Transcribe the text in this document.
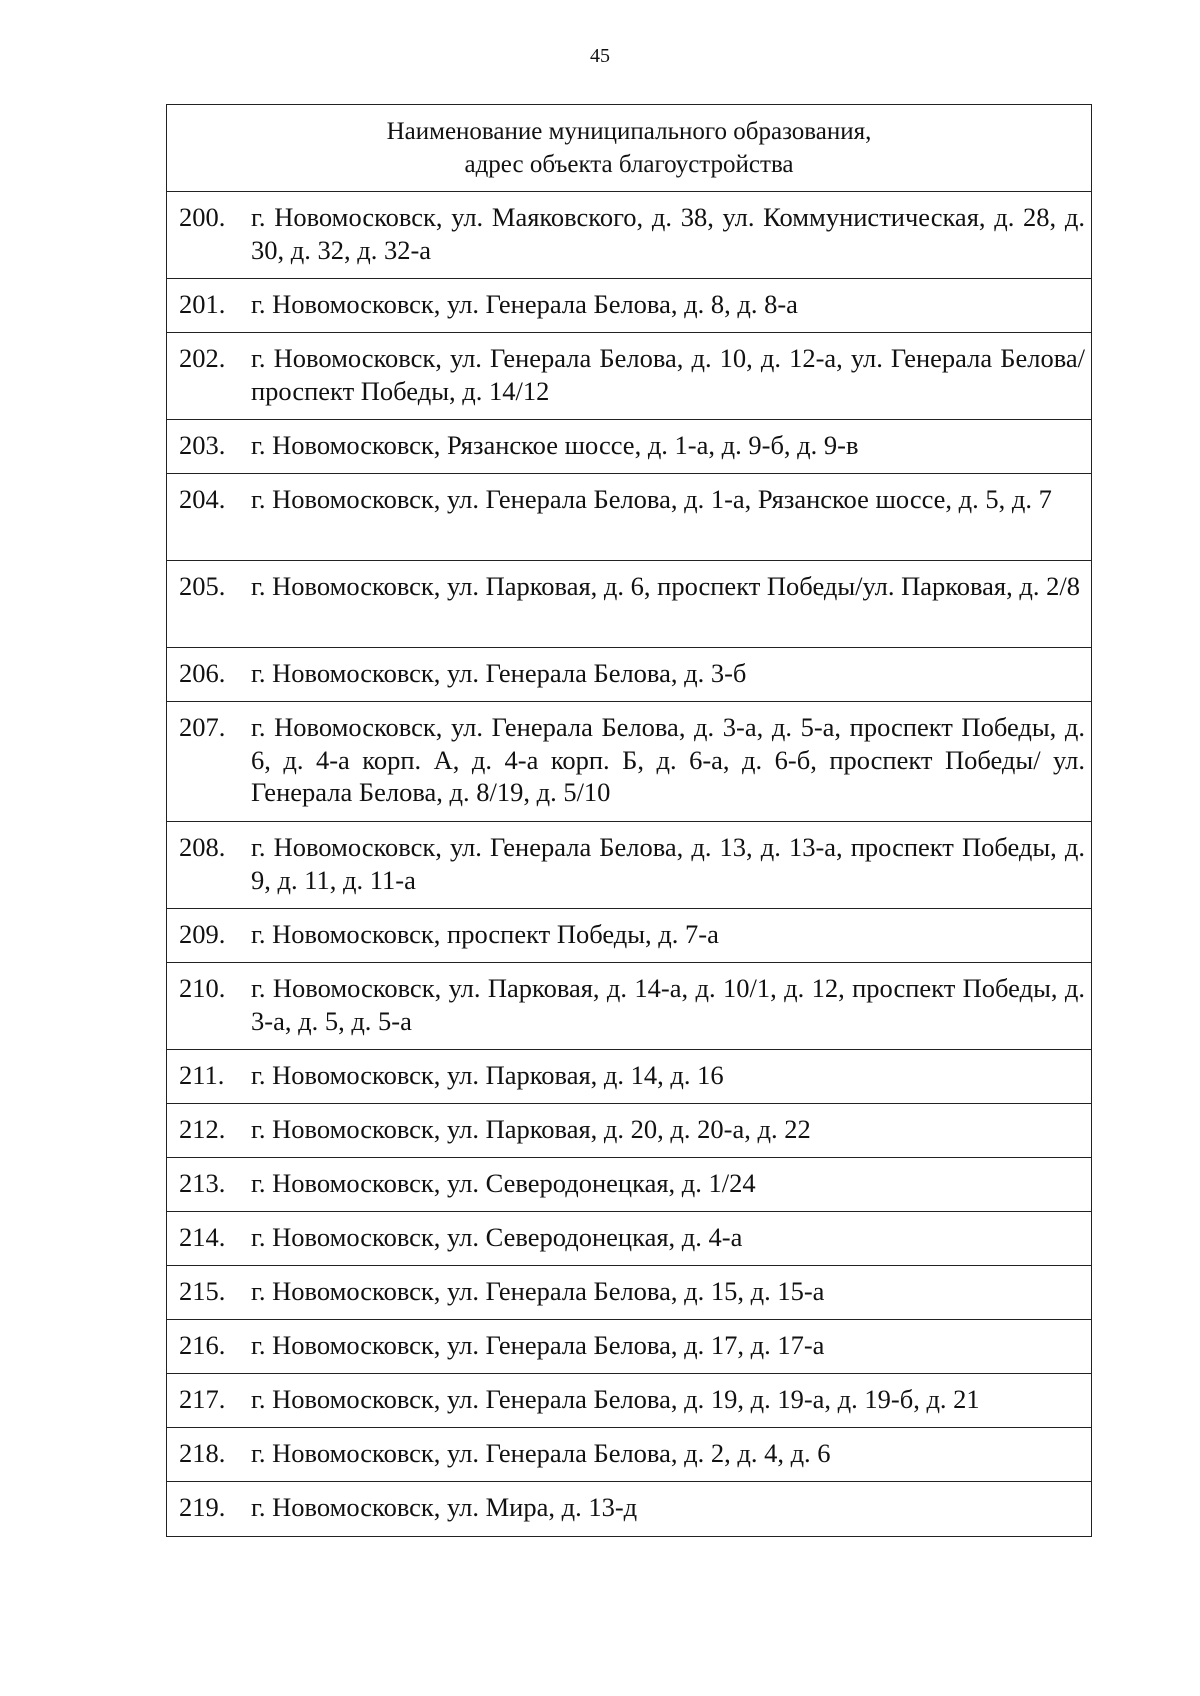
45
Наименование муниципального образования,
адрес объекта благоустройства
200. г. Новомосковск, ул. Маяковского, д. 38, ул. Коммунистическая, д. 28, д. 30, д. 32, д. 32-а
201. г. Новомосковск, ул. Генерала Белова, д. 8, д. 8-а
202. г. Новомосковск, ул. Генерала Белова, д. 10, д. 12-а, ул. Генерала Белова/проспект Победы, д. 14/12
203. г. Новомосковск, Рязанское шоссе, д. 1-а, д. 9-б, д. 9-в
204. г. Новомосковск, ул. Генерала Белова, д. 1-а, Рязанское шоссе, д. 5, д. 7
205. г. Новомосковск, ул. Парковая, д. 6, проспект Победы/ул. Парковая, д. 2/8
206. г. Новомосковск, ул. Генерала Белова, д. 3-б
207. г. Новомосковск, ул. Генерала Белова, д. 3-а, д. 5-а, проспект Победы, д. 6, д. 4-а корп. А, д. 4-а корп. Б, д. 6-а, д. 6-б, проспект Победы/ ул. Генерала Белова, д. 8/19, д. 5/10
208. г. Новомосковск, ул. Генерала Белова, д. 13, д. 13-а, проспект Победы, д. 9, д. 11, д. 11-а
209. г. Новомосковск, проспект Победы, д. 7-а
210. г. Новомосковск, ул. Парковая, д. 14-а, д. 10/1, д. 12, проспект Победы, д. 3-а, д. 5, д. 5-а
211.	г. Новомосковск, ул. Парковая, д. 14, д. 16
212. г. Новомосковск, ул. Парковая, д. 20, д. 20-а, д. 22
213. г. Новомосковск, ул. Северодонецкая, д. 1/24
214. г. Новомосковск, ул. Северодонецкая, д. 4-а
215. г. Новомосковск, ул. Генерала Белова, д. 15, д. 15-а
216. г. Новомосковск, ул. Генерала Белова, д. 17, д. 17-а
217. г. Новомосковск, ул. Генерала Белова, д. 19, д. 19-а, д. 19-б, д. 21
218. г. Новомосковск, ул. Генерала Белова, д. 2, д. 4, д. 6
219. г. Новомосковск, ул. Мира, д. 13-д
